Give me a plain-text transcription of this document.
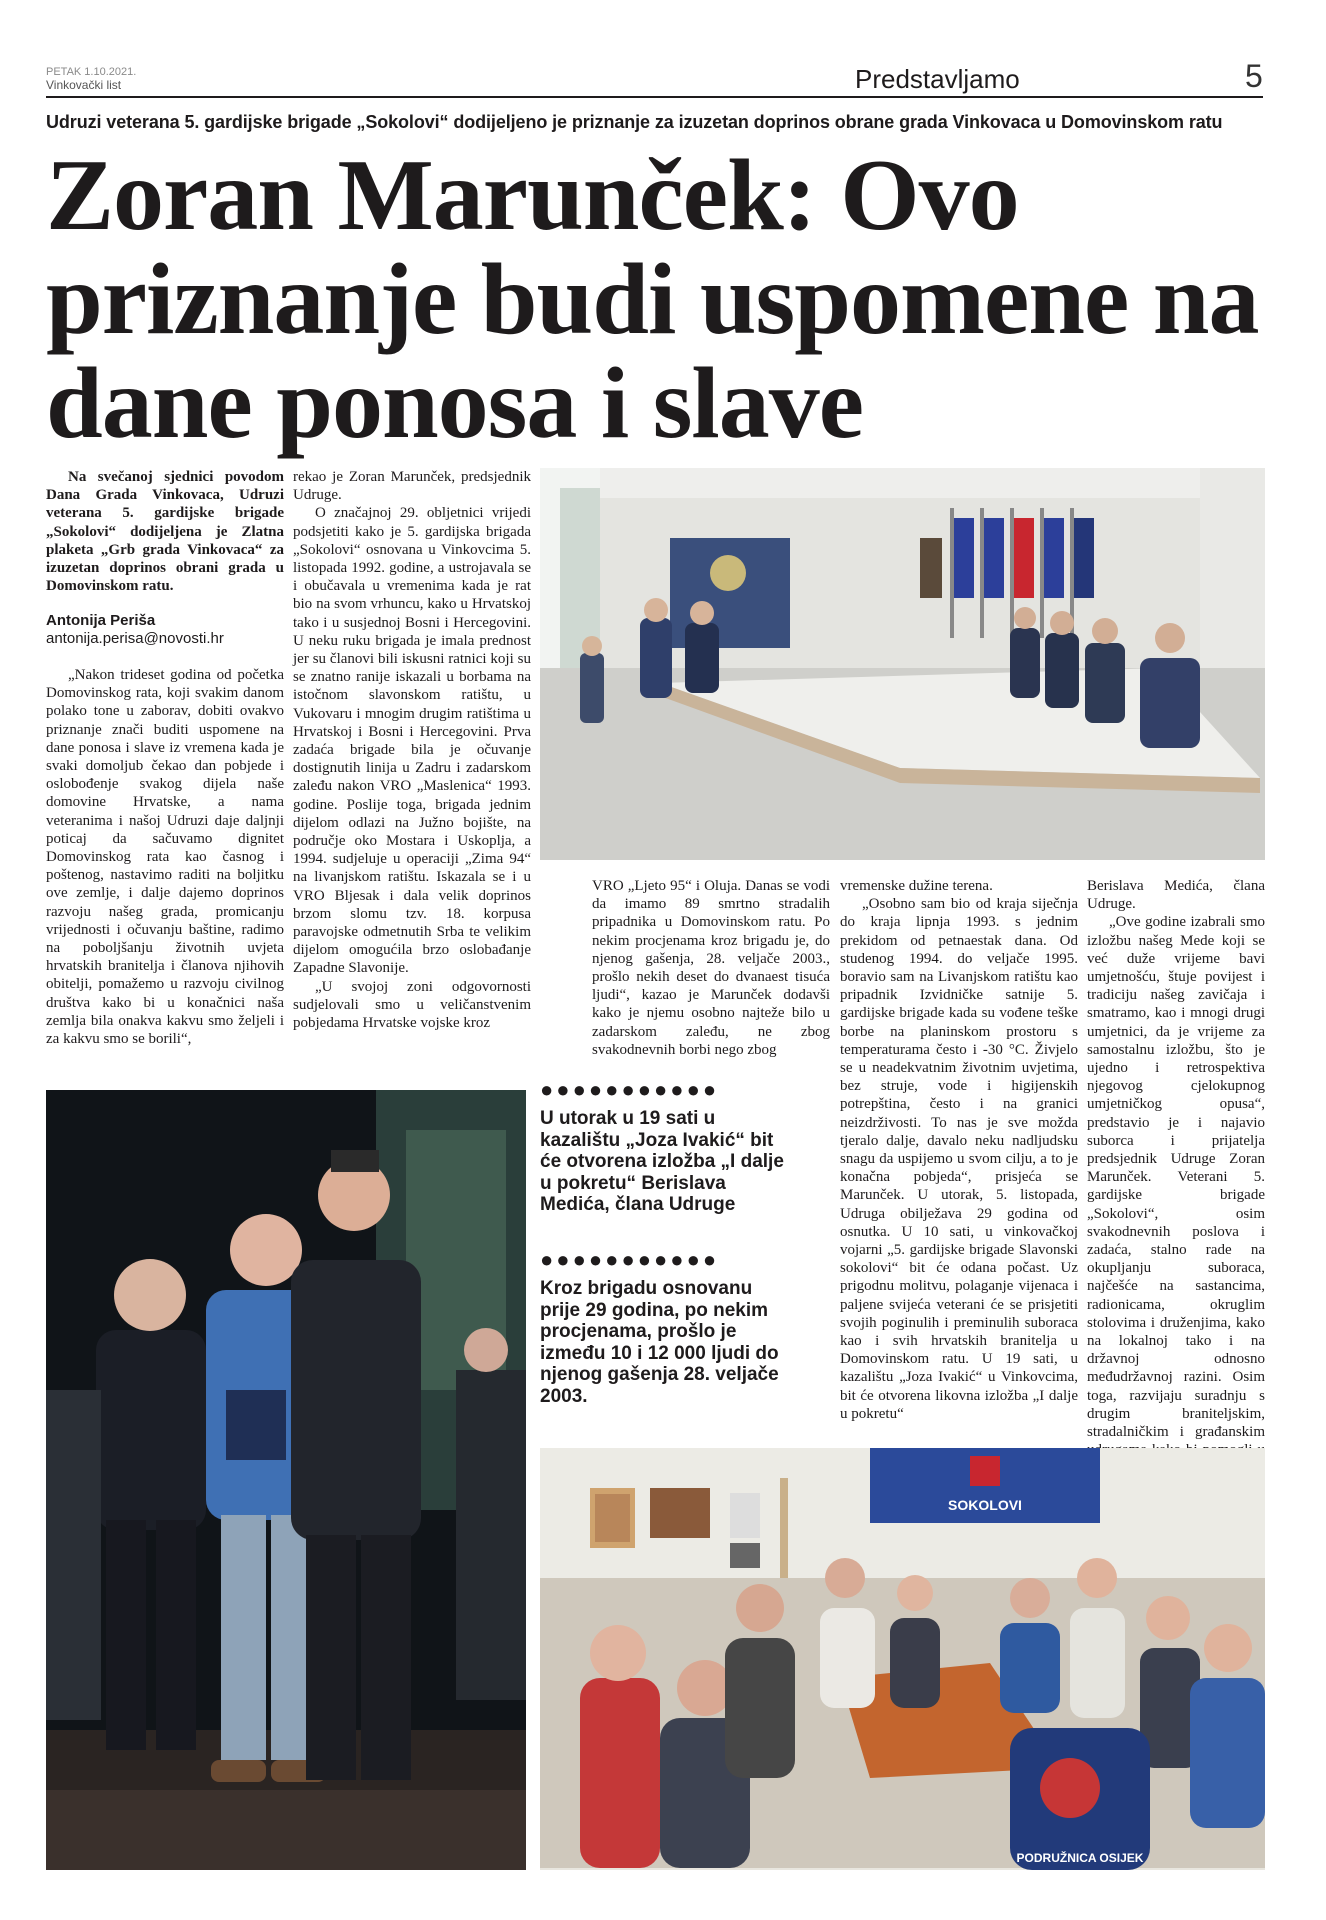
PETAK 1.10.2021.
Vinkovački list	Predstavljamo	5
Udruzi veterana 5. gardijske brigade „Sokolovi“ dodijeljeno je priznanje za izuzetan doprinos obrane grada Vinkovaca u Domovinskom ratu
Zoran Marunček: Ovo priznanje budi uspomene na dane ponosa i slave
Na svečanoj sjednici povodom Dana Grada Vinkovaca, Udruzi veterana 5. gardijske brigade „Sokolovi“ dodijeljena je Zlatna plaketa „Grb grada Vinkovaca“ za izuzetan doprinos obrani grada u Domovinskom ratu.
Antonija Periša
antonija.perisa@novosti.hr

„Nakon trideset godina od početka Domovinskog rata, koji svakim danom polako tone u zaborav, dobiti ovakvo priznanje znači buditi uspomene na dane ponosa i slave iz vremena kada je svaki domoljub čekao dan pobjede i oslobođenje svakog dijela naše domovine Hrvatske, a nama veteranima i našoj Udruzi daje daljnji poticaj da sačuvamo dignitet Domovinskog rata kao časnog i poštenog, nastavimo raditi na boljitku ove zemlje, i dalje dajemo doprinos razvoju našeg grada, promicanju vrijednosti i očuvanju baštine, radimo na poboljšanju životnih uvjeta hrvatskih branitelja i članova njihovih obitelji, pomažemo u razvoju civilnog društva kako bi u konačnici naša zemlja bila onakva kakvu smo željeli i za kakvu smo se borili“,

rekao je Zoran Marunček, predsjednik Udruge.

O značajnoj 29. obljetnici vrijedi podsjetiti kako je 5. gardijska brigada „Sokolovi“ osnovana u Vinkovcima 5. listopada 1992. godine, a ustrojavala se i obučavala u vremenima kada je rat bio na svom vrhuncu, kako u Hrvatskoj tako i u susjednoj Bosni i Hercegovini. U neku ruku brigada je imala prednost jer su članovi bili iskusni ratnici koji su se znatno ranije iskazali u borbama na istočnom slavonskom ratištu, u Vukovaru i mnogim drugim ratištima u Hrvatskoj i Bosni i Hercegovini. Prva zadaća brigade bila je očuvanje dostignutih linija u Zadru i zadarskom zaleđu nakon VRO „Maslenica“ 1993. godine. Poslije toga, brigada jednim dijelom odlazi na Južno bojište, na područje oko Mostara i Uskoplja, a 1994. sudjeluje u operaciji „Zima 94“ na livanjskom ratištu. Iskazala se i u VRO Bljesak i dala velik doprinos brzom slomu tzv. 18. korpusa paravojske odmetnutih Srba te velikim dijelom omogućila brzo oslobađanje Zapadne Slavonije.

„U svojoj zoni odgovornosti sudjelovali smo u veličanstvenim pobjedama Hrvatske vojske kroz

VRO „Ljeto 95“ i Oluja. Danas se vodi da imamo 89 smrtno stradalih pripadnika u Domovinskom ratu. Po nekim procjenama kroz brigadu je, do njenog gašenja, 28. veljače 2003., prošlo nekih deset do dvanaest tisuća ljudi“, kazao je Marunček dodavši kako je njemu osobno najteže bilo u zadarskom zaleđu, ne zbog svakodnevnih borbi nego zbog

vremenske dužine terena.

„Osobno sam bio od kraja siječnja do kraja lipnja 1993. s jednim prekidom od petnaestak dana. Od studenog 1994. do veljače 1995. boravio sam na Livanjskom ratištu kao pripadnik Izvidničke satnije 5. gardijske brigade kada su vođene teške borbe na planinskom prostoru s temperaturama često i -30 °C. Živjelo se u neadekvatnim životnim uvjetima, bez struje, vode i higijenskih potrepština, često i na granici neizdrživosti. To nas je sve možda tjeralo dalje, davalo neku nadljudsku snagu da uspijemo u svom cilju, a to je konačna pobjeda“, prisjeća se Marunček. U utorak, 5. listopada, Udruga obilježava 29 godina od osnutka. U 10 sati, u vinkovačkoj vojarni „5. gardijske brigade Slavonski sokolovi“ bit će odana počast. Uz prigodnu molitvu, polaganje vijenaca i paljene svijeća veterani će se prisjetiti svojih poginulih i preminulih suboraca kao i svih hrvatskih branitelja u Domovinskom ratu. U 19 sati, u kazalištu „Joza Ivakić“ u Vinkovcima, bit će otvorena likovna izložba „I dalje u pokretu“

Berislava Medića, člana Udruge.

„Ove godine izabrali smo izložbu našeg Mede koji se već duže vrijeme bavi umjetnošću, štuje povijest i tradiciju našeg zavičaja i smatramo, kao i mnogi drugi umjetnici, da je vrijeme za samostalnu izložbu, što je ujedno i retrospektiva njegovog cjelokupnog umjetničkog opusa“, predstavio je i najavio suborca i prijatelja predsjednik Udruge Zoran Marunček. Veterani 5. gardijske brigade „Sokolovi“, osim svakodnevnih poslova i zadaća, stalno rade na okupljanju suboraca, najčešće na sastancima, radionicama, okruglim stolovima i druženjima, kako na lokalnoj tako i na državnoj odnosno međudržavnoj razini. Osim toga, razvijaju suradnju s drugim braniteljskim, stradalničkim i građanskim

●●●●●●●●●●●
U utorak u 19 sati u kazalištu „Joza Ivakić“ bit će otvorena izložba „I dalje u pokretu“ Berislava Medića, člana Udruge
●●●●●●●●●●●
Kroz brigadu osnovanu prije 29 godina, po nekim procjenama, prošlo je između 10 i 12 000 ljudi do njenog gašenja 28. veljače 2003.
SOKOLOVI
PODRUŽNICA OSIJEK
